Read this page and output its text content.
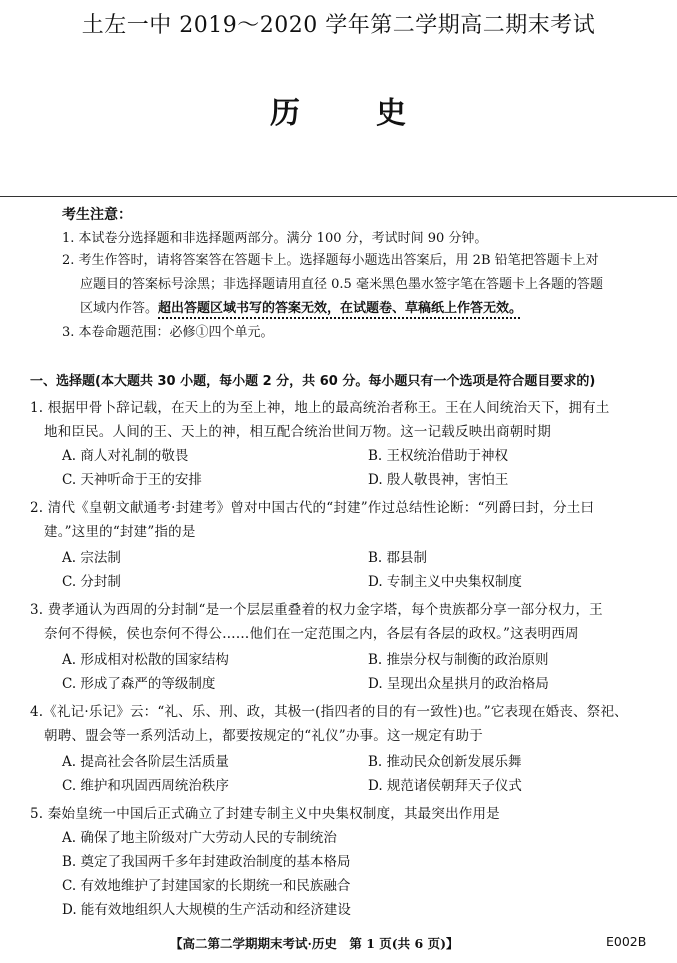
土左一中 2019～2020 学年第二学期高二期末考试
历	史
考生注意：
1. 本试卷分选择题和非选择题两部分。满分 100 分，考试时间 90 分钟。
2. 考生作答时，请将答案答在答题卡上。选择题每小题选出答案后，用 2B 铅笔把答题卡上对
应题目的答案标号涂黑；非选择题请用直径 0.5 毫米黑色墨水签字笔在答题卡上各题的答题
区域内作答。超出答题区域书写的答案无效，在试题卷、草稿纸上作答无效。
3. 本卷命题范围：必修①四个单元。
一、选择题(本大题共 30 小题，每小题 2 分，共 60 分。每小题只有一个选项是符合题目要求的)
1. 根据甲骨卜辞记载，在天上的为至上神，地上的最高统治者称王。王在人间统治天下，拥有土
地和臣民。人间的王、天上的神，相互配合统治世间万物。这一记载反映出商朝时期
A. 商人对礼制的敬畏	B. 王权统治借助于神权
C. 天神听命于王的安排	D. 殷人敬畏神，害怕王
2. 清代《皇朝文献通考·封建考》曾对中国古代的“封建”作过总结性论断：“列爵曰封，分土曰
建。”这里的“封建”指的是
A. 宗法制	B. 郡县制
C. 分封制	D. 专制主义中央集权制度
3. 费孝通认为西周的分封制“是一个层层重叠着的权力金字塔，每个贵族都分享一部分权力，王
奈何不得候，侯也奈何不得公……他们在一定范围之内，各层有各层的政权。”这表明西周
A. 形成相对松散的国家结构	B. 推崇分权与制衡的政治原则
C. 形成了森严的等级制度	D. 呈现出众星拱月的政治格局
4.《礼记·乐记》云：“礼、乐、刑、政，其极一(指四者的目的有一致性)也。”它表现在婚丧、祭祀、
朝聘、盟会等一系列活动上，都要按规定的“礼仪”办事。这一规定有助于
A. 提高社会各阶层生活质量	B. 推动民众创新发展乐舞
C. 维护和巩固西周统治秩序	D. 规范诸侯朝拜天子仪式
5. 秦始皇统一中国后正式确立了封建专制主义中央集权制度，其最突出作用是
A. 确保了地主阶级对广大劳动人民的专制统治
B. 奠定了我国两千多年封建政治制度的基本格局
C. 有效地维护了封建国家的长期统一和民族融合
D. 能有效地组织人大规模的生产活动和经济建设
【高二第二学期期末考试·历史　第 1 页(共 6 页)】	E002B
